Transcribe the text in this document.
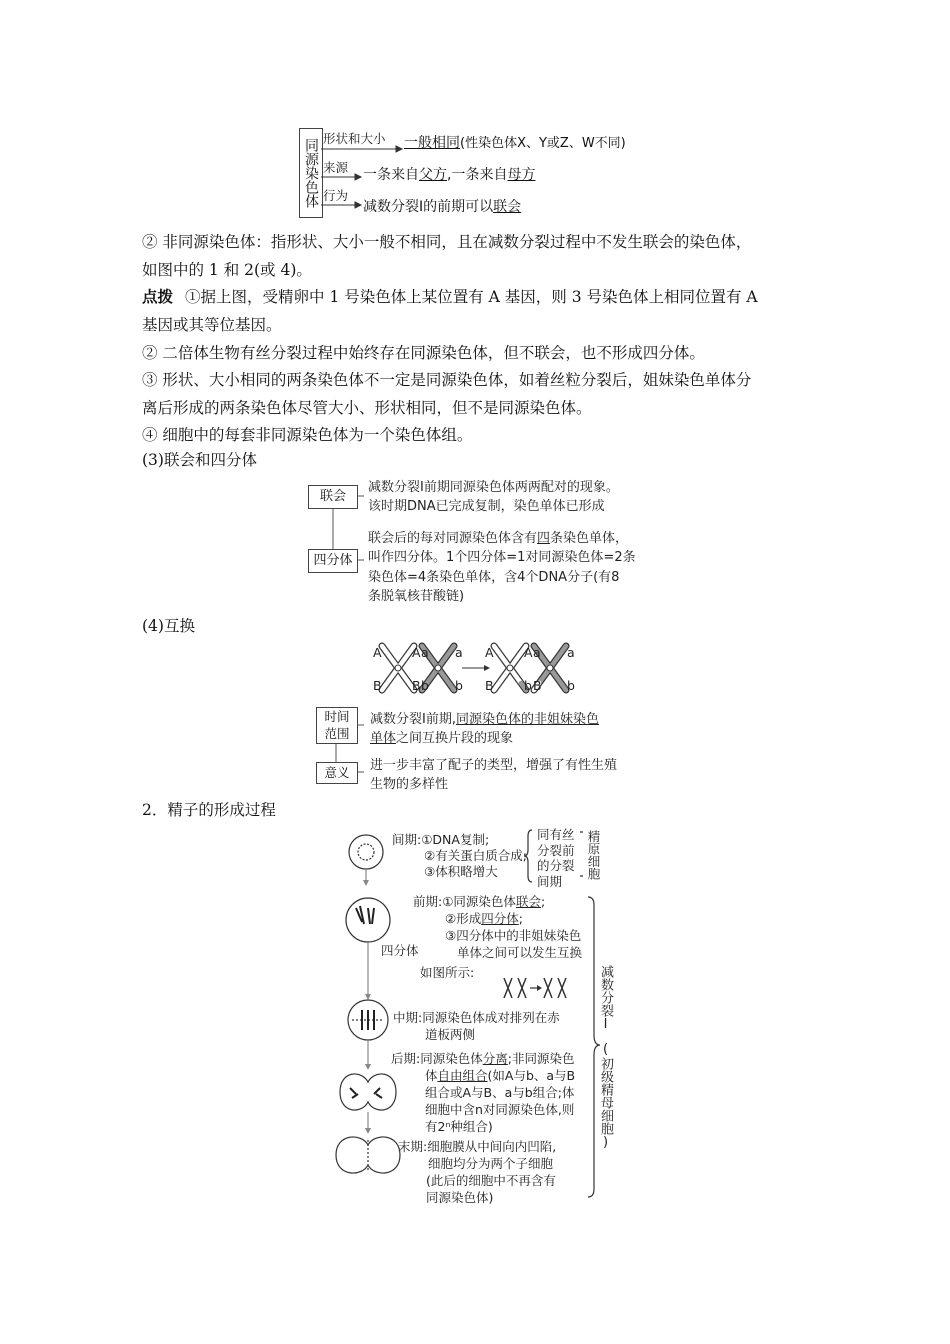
同源染色体 形状和大小
来源
行为
一般相同(性染色体X、Y或Z、W不同)
一条来自父方,一条来自母方
减数分裂Ⅰ的前期可以联会
② 非同源染色体：指形状、大小一般不相同，且在减数分裂过程中不发生联会的染色体，
如图中的 1 和 2(或 4)。
点拨 ①据上图，受精卵中 1 号染色体上某位置有 A 基因，则 3 号染色体上相同位置有 A
基因或其等位基因。
② 二倍体生物有丝分裂过程中始终存在同源染色体，但不联会，也不形成四分体。
③ 形状、大小相同的两条染色体不一定是同源染色体，如着丝粒分裂后，姐妹染色单体分
离后形成的两条染色体尽管大小、形状相同，但不是同源染色体。
④ 细胞中的每套非同源染色体为一个染色体组。
(3)联会和四分体
联会
四分体
减数分裂Ⅰ前期同源染色体两两配对的现象。
该时期DNA已完成复制，染色单体已形成
联会后的每对同源染色体含有四条染色单体，
叫作四分体。1个四分体=1对同源染色体=2条
染色体=4条染色单体，含4个DNA分子(有8
条脱氧核苷酸链)
(4)互换
A A a a
B B b b
A A a a
B b B b
时间
范围
意义
减数分裂Ⅰ前期,同源染色体的非姐妹染色
单体之间互换片段的现象
进一步丰富了配子的类型，增强了有性生殖
生物的多样性
2．精子的形成过程
四分体
间期:①DNA复制;
②有关蛋白质合成;
③体积略增大
同有丝
分裂前
的分裂
间期
精原细胞
前期:①同源染色体联会;
②形成四分体;
③四分体中的非姐妹染色
单体之间可以发生互换
如图所示:
中期:同源染色体成对排列在赤
道板两侧
后期:同源染色体分离;非同源染色
体自由组合(如A与b、a与B
组合或A与B、a与b组合;体
细胞中含n对同源染色体,则
有2ⁿ种组合)
末期:细胞膜从中间向内凹陷,
细胞均分为两个子细胞
(此后的细胞中不再含有
同源染色体)
减数分裂Ⅰ
(初级精母细胞)
